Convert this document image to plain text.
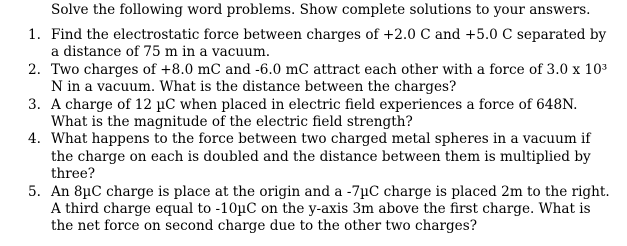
Solve the following word problems. Show complete solutions to your answers.

1. Find the electrostatic force between charges of +2.0 C and +5.0 C separated by a distance of 75 m in a vacuum.
2. Two charges of +8.0 mC and -6.0 mC attract each other with a force of 3.0 x 10³ N in a vacuum. What is the distance between the charges?
3. A charge of 12 µC when placed in electric field experiences a force of 648N. What is the magnitude of the electric field strength?
4. What happens to the force between two charged metal spheres in a vacuum if the charge on each is doubled and the distance between them is multiplied by three?
5. An 8µC charge is place at the origin and a -7µC charge is placed 2m to the right. A third charge equal to -10µC on the y-axis 3m above the first charge. What is the net force on second charge due to the other two charges?
